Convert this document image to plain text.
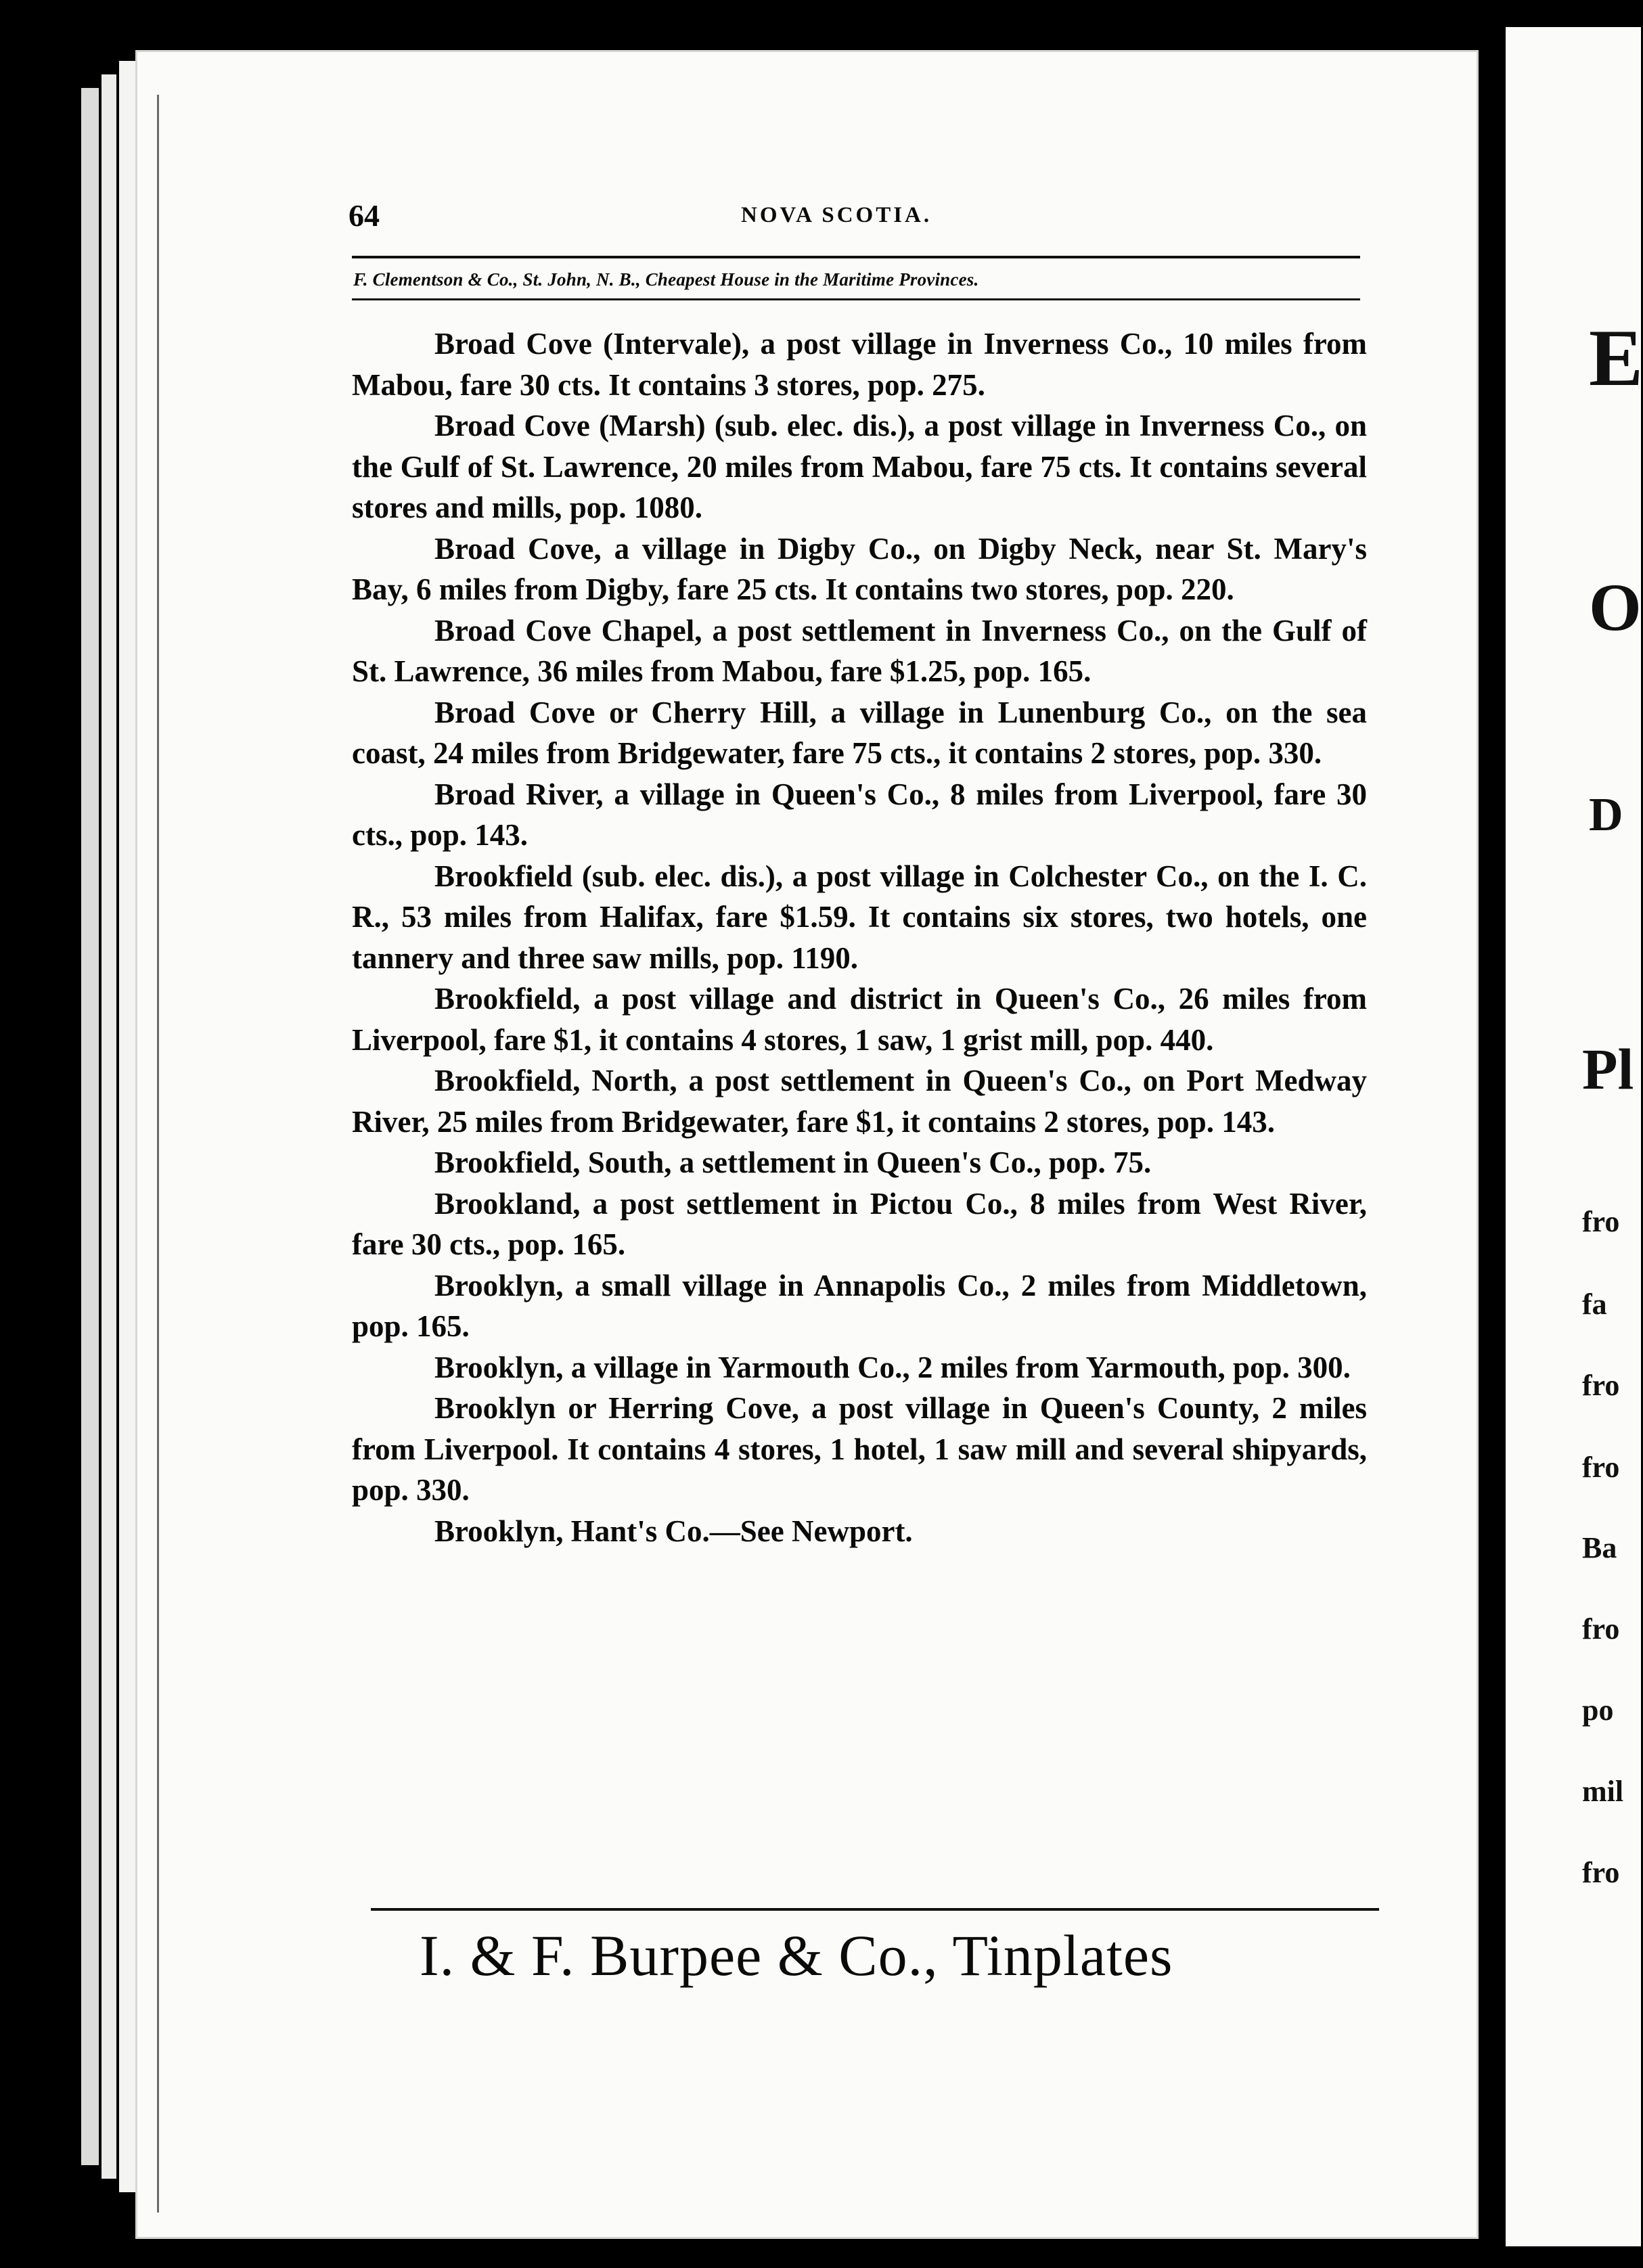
64	NOVA SCOTIA.
F. Clementson & Co., St. John, N. B., Cheapest House in the Maritime Provinces.

Broad Cove (Intervale), a post village in Inverness Co., 10 miles from Mabou, fare 30 cts. It contains 3 stores, pop. 275.

Broad Cove (Marsh) (sub. elec. dis.), a post village in Inverness Co., on the Gulf of St. Lawrence, 20 miles from Mabou, fare 75 cts. It contains several stores and mills, pop. 1080.

Broad Cove, a village in Digby Co., on Digby Neck, near St. Mary's Bay, 6 miles from Digby, fare 25 cts. It contains two stores, pop. 220.

Broad Cove Chapel, a post settlement in Inverness Co., on the Gulf of St. Lawrence, 36 miles from Mabou, fare $1.25, pop. 165.

Broad Cove or Cherry Hill, a village in Lunenburg Co., on the sea coast, 24 miles from Bridgewater, fare 75 cts., it contains 2 stores, pop. 330.

Broad River, a village in Queen's Co., 8 miles from Liverpool, fare 30 cts., pop. 143.

Brookfield (sub. elec. dis.), a post village in Colchester Co., on the I. C. R., 53 miles from Halifax, fare $1.59. It contains six stores, two hotels, one tannery and three saw mills, pop. 1190.

Brookfield, a post village and district in Queen's Co., 26 miles from Liverpool, fare $1, it contains 4 stores, 1 saw, 1 grist mill, pop. 440.

Brookfield, North, a post settlement in Queen's Co., on Port Medway River, 25 miles from Bridgewater, fare $1, it contains 2 stores, pop. 143.

Brookfield, South, a settlement in Queen's Co., pop. 75.

Brookland, a post settlement in Pictou Co., 8 miles from West River, fare 30 cts., pop. 165.

Brooklyn, a small village in Annapolis Co., 2 miles from Middletown, pop. 165.

Brooklyn, a village in Yarmouth Co., 2 miles from Yarmouth, pop. 300.

Brooklyn or Herring Cove, a post village in Queen's County, 2 miles from Liverpool. It contains 4 stores, 1 hotel, 1 saw mill and several shipyards, pop. 330.

Brooklyn, Hant's Co.—See Newport.

I. & F. Burpee & Co., Tinplates
E
O
D
Pl
fro
fa
fro
fro
Ba
fro
po
mil
fro
